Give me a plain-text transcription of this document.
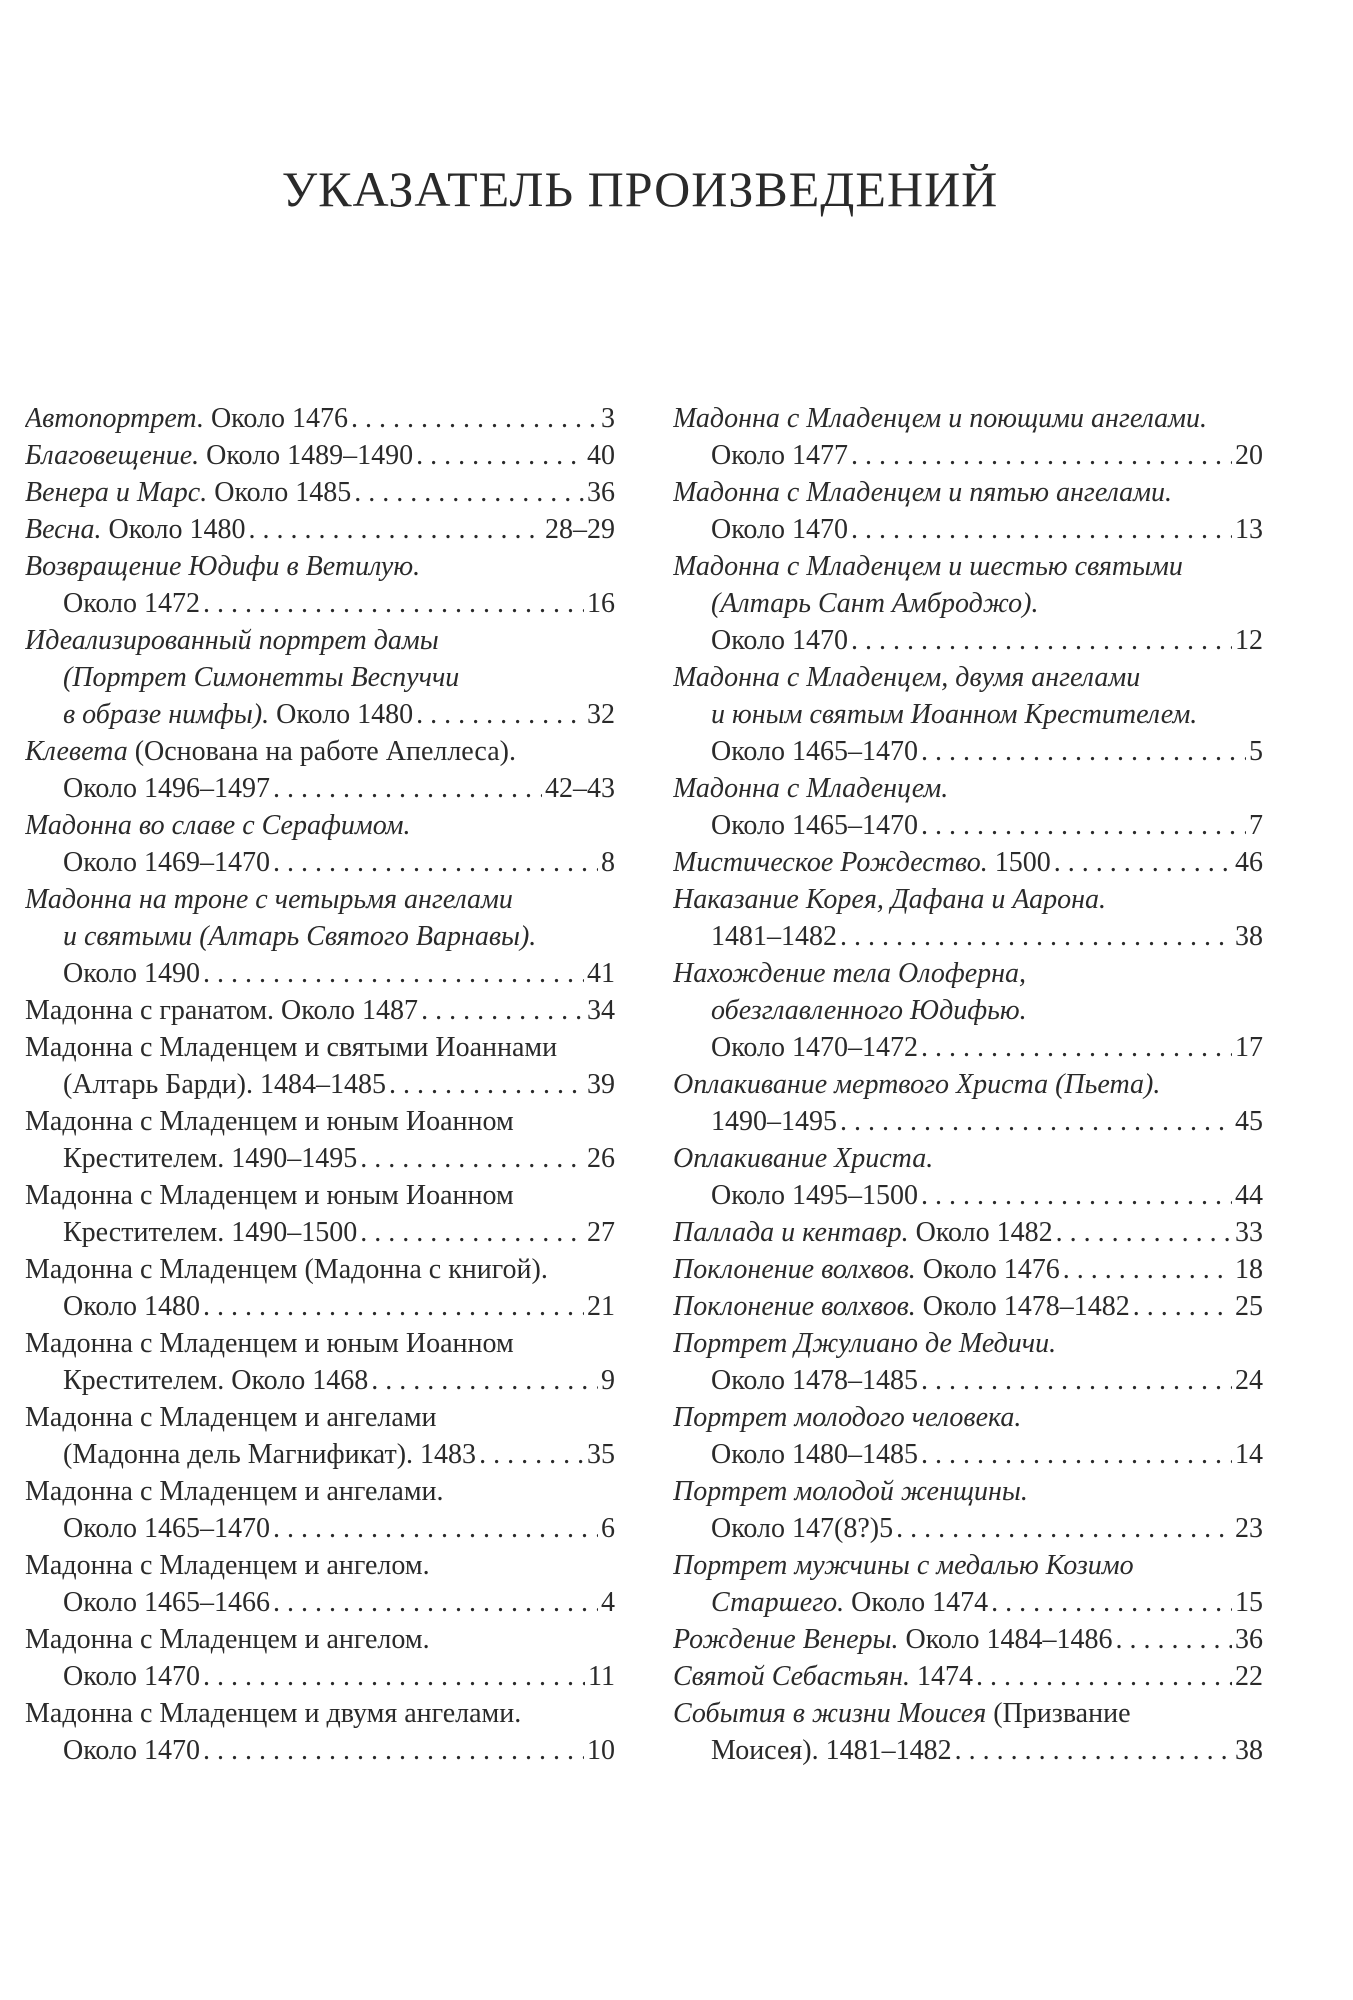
УКАЗАТЕЛЬ ПРОИЗВЕДЕНИЙ
Автопортрет. Около 1476 . . .	3
Благовещение. Около 1489–1490 . . .	40
Венера и Марс. Около 1485 . . .	36
Весна. Около 1480 . . .	28–29
Возвращение Юдифи в Ветилую.
Около 1472 . . .	16
Идеализированный портрет дамы
(Портрет Симонетты Веспуччи
в образе нимфы). Около 1480 . . .	32
Клевета (Основана на работе Апеллеса).
Около 1496–1497 . . .	42–43
Мадонна во славе с Серафимом.
Около 1469–1470 . . .	8
Мадонна на троне с четырьмя ангелами
и святыми (Алтарь Святого Варнавы).
Около 1490 . . .	41
Мадонна с гранатом. Около 1487 . . .	34
Мадонна с Младенцем и святыми Иоаннами
(Алтарь Барди). 1484–1485 . . .	39
Мадонна с Младенцем и юным Иоанном
Крестителем. 1490–1495 . . .	26
Мадонна с Младенцем и юным Иоанном
Крестителем. 1490–1500 . . .	27
Мадонна с Младенцем (Мадонна с книгой).
Около 1480 . . .	21
Мадонна с Младенцем и юным Иоанном
Крестителем. Около 1468 . . .	9
Мадонна с Младенцем и ангелами
(Мадонна дель Магнификат). 1483 . . .	35
Мадонна с Младенцем и ангелами.
Около 1465–1470 . . .	6
Мадонна с Младенцем и ангелом.
Около 1465–1466 . . .	4
Мадонна с Младенцем и ангелом.
Около 1470 . . .	11
Мадонна с Младенцем и двумя ангелами.
Около 1470 . . .	10
Мадонна с Младенцем и поющими ангелами.
Около 1477 . . .	20
Мадонна с Младенцем и пятью ангелами.
Около 1470 . . .	13
Мадонна с Младенцем и шестью святыми
(Алтарь Сант Амброджо).
Около 1470 . . .	12
Мадонна с Младенцем, двумя ангелами
и юным святым Иоанном Крестителем.
Около 1465–1470 . . .	5
Мадонна с Младенцем.
Около 1465–1470 . . .	7
Мистическое Рождество. 1500 . . .	46
Наказание Корея, Дафана и Аарона.
1481–1482 . . .	38
Нахождение тела Олоферна,
обезглавленного Юдифью.
Около 1470–1472 . . .	17
Оплакивание мертвого Христа (Пьета).
1490–1495 . . .	45
Оплакивание Христа.
Около 1495–1500 . . .	44
Паллада и кентавр. Около 1482 . . .	33
Поклонение волхвов. Около 1476 . . .	18
Поклонение волхвов. Около 1478–1482 . . .	25
Портрет Джулиано де Медичи.
Около 1478–1485 . . .	24
Портрет молодого человека.
Около 1480–1485 . . .	14
Портрет молодой женщины.
Около 147(8?)5 . . .	23
Портрет мужчины с медалью Козимо
Старшего. Около 1474 . . .	15
Рождение Венеры. Около 1484–1486 . . .	36
Святой Себастьян. 1474 . . .	22
События в жизни Моисея (Призвание
Моисея). 1481–1482 . . .	38
